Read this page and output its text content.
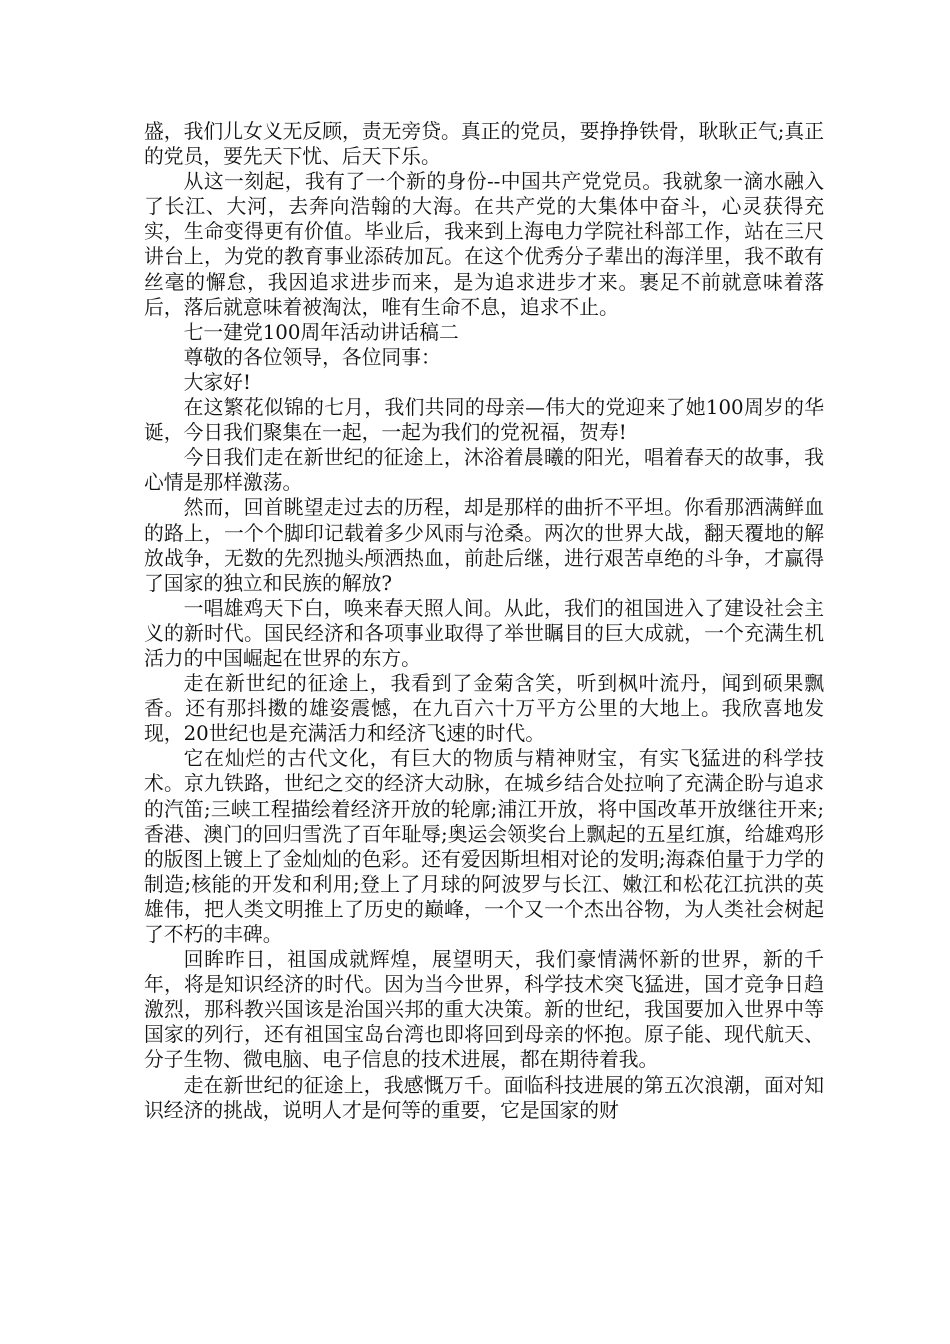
盛，我们儿女义无反顾，责无旁贷。真正的党员，要挣挣铁骨，耿耿正气;真正的党员，要先天下忧、后天下乐。

从这一刻起，我有了一个新的身份--中国共产党党员。我就象一滴水融入了长江、大河，去奔向浩翰的大海。在共产党的大集体中奋斗，心灵获得充实，生命变得更有价值。毕业后，我来到上海电力学院社科部工作，站在三尺讲台上，为党的教育事业添砖加瓦。在这个优秀分子辈出的海洋里，我不敢有丝毫的懈怠，我因追求进步而来，是为追求进步才来。裹足不前就意味着落后，落后就意味着被淘汰，唯有生命不息，追求不止。

七一建党100周年活动讲话稿二

尊敬的各位领导，各位同事：

大家好!

在这繁花似锦的七月，我们共同的母亲—伟大的党迎来了她100周岁的华诞，今日我们聚集在一起，一起为我们的党祝福，贺寿!

今日我们走在新世纪的征途上，沐浴着晨曦的阳光，唱着春天的故事，我心情是那样激荡。

然而，回首眺望走过去的历程，却是那样的曲折不平坦。你看那洒满鲜血的路上，一个个脚印记载着多少风雨与沧桑。两次的世界大战，翻天覆地的解放战争，无数的先烈抛头颅洒热血，前赴后继，进行艰苦卓绝的斗争，才赢得了国家的独立和民族的解放?

一唱雄鸡天下白，唤来春天照人间。从此，我们的祖国进入了建设社会主义的新时代。国民经济和各项事业取得了举世瞩目的巨大成就，一个充满生机活力的中国崛起在世界的东方。

走在新世纪的征途上，我看到了金菊含笑，听到枫叶流丹，闻到硕果飘香。还有那抖擞的雄姿震憾，在九百六十万平方公里的大地上。我欣喜地发现，20世纪也是充满活力和经济飞速的时代。

它在灿烂的古代文化，有巨大的物质与精神财宝，有实飞猛进的科学技术。京九铁路，世纪之交的经济大动脉，在城乡结合处拉响了充满企盼与追求的汽笛;三峡工程描绘着经济开放的轮廓;浦江开放，将中国改革开放继往开来;香港、澳门的回归雪洗了百年耻辱;奥运会领奖台上飘起的五星红旗，给雄鸡形的版图上镀上了金灿灿的色彩。还有爱因斯坦相对论的发明;海森伯量于力学的制造;核能的开发和利用;登上了月球的阿波罗与长江、嫩江和松花江抗洪的英雄伟，把人类文明推上了历史的巅峰，一个又一个杰出谷物，为人类社会树起了不朽的丰碑。

回眸昨日，祖国成就辉煌，展望明天，我们豪情满怀新的世界，新的千年，将是知识经济的时代。因为当今世界，科学技术突飞猛进，国才竞争日趋激烈，那科教兴国该是治国兴邦的重大决策。新的世纪，我国要加入世界中等国家的列行，还有祖国宝岛台湾也即将回到母亲的怀抱。原子能、现代航天、分子生物、微电脑、电子信息的技术进展，都在期待着我。

走在新世纪的征途上，我感慨万千。面临科技进展的第五次浪潮，面对知识经济的挑战，说明人才是何等的重要，它是国家的财
